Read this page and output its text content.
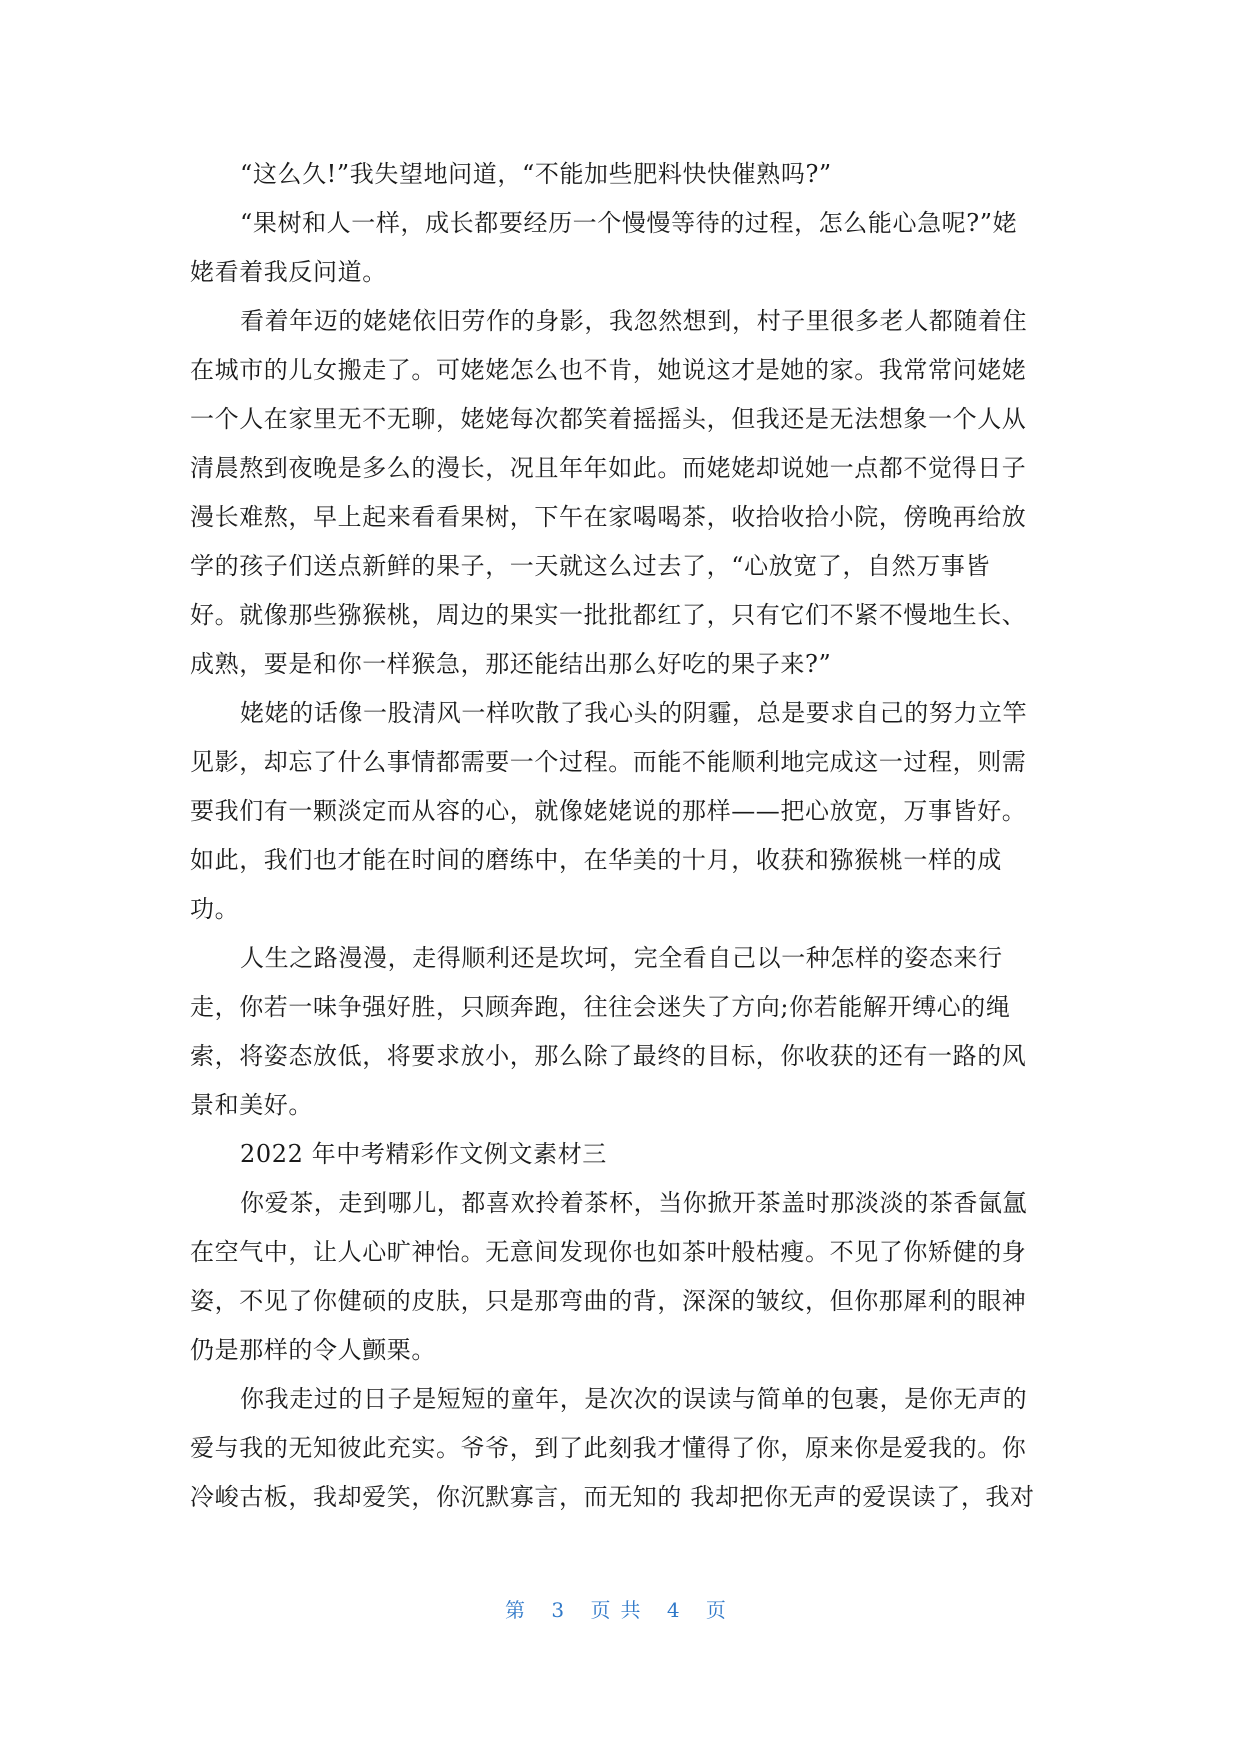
“这么久!”我失望地问道，“不能加些肥料快快催熟吗?”
“果树和人一样，成长都要经历一个慢慢等待的过程，怎么能心急呢?”姥
姥看着我反问道。
看着年迈的姥姥依旧劳作的身影，我忽然想到，村子里很多老人都随着住
在城市的儿女搬走了。可姥姥怎么也不肯，她说这才是她的家。我常常问姥姥
一个人在家里无不无聊，姥姥每次都笑着摇摇头，但我还是无法想象一个人从
清晨熬到夜晚是多么的漫长，况且年年如此。而姥姥却说她一点都不觉得日子
漫长难熬，早上起来看看果树，下午在家喝喝茶，收拾收拾小院，傍晚再给放
学的孩子们送点新鲜的果子，一天就这么过去了，“心放宽了，自然万事皆
好。就像那些猕猴桃，周边的果实一批批都红了，只有它们不紧不慢地生长、
成熟，要是和你一样猴急，那还能结出那么好吃的果子来?”
姥姥的话像一股清风一样吹散了我心头的阴霾，总是要求自己的努力立竿
见影，却忘了什么事情都需要一个过程。而能不能顺利地完成这一过程，则需
要我们有一颗淡定而从容的心，就像姥姥说的那样——把心放宽，万事皆好。
如此，我们也才能在时间的磨练中，在华美的十月，收获和猕猴桃一样的成
功。
人生之路漫漫，走得顺利还是坎坷，完全看自己以一种怎样的姿态来行
走，你若一味争强好胜，只顾奔跑，往往会迷失了方向;你若能解开缚心的绳
索，将姿态放低，将要求放小，那么除了最终的目标，你收获的还有一路的风
景和美好。
2022 年中考精彩作文例文素材三
你爱茶，走到哪儿，都喜欢拎着茶杯，当你掀开茶盖时那淡淡的茶香氤氲
在空气中，让人心旷神怡。无意间发现你也如茶叶般枯瘦。不见了你矫健的身
姿，不见了你健硕的皮肤，只是那弯曲的背，深深的皱纹，但你那犀利的眼神
仍是那样的令人颤栗。
你我走过的日子是短短的童年，是次次的误读与简单的包裹，是你无声的
爱与我的无知彼此充实。爷爷，到了此刻我才懂得了你，原来你是爱我的。你
冷峻古板，我却爱笑，你沉默寡言，而无知的 我却把你无声的爱误读了，我对
第 3 页共 4 页
